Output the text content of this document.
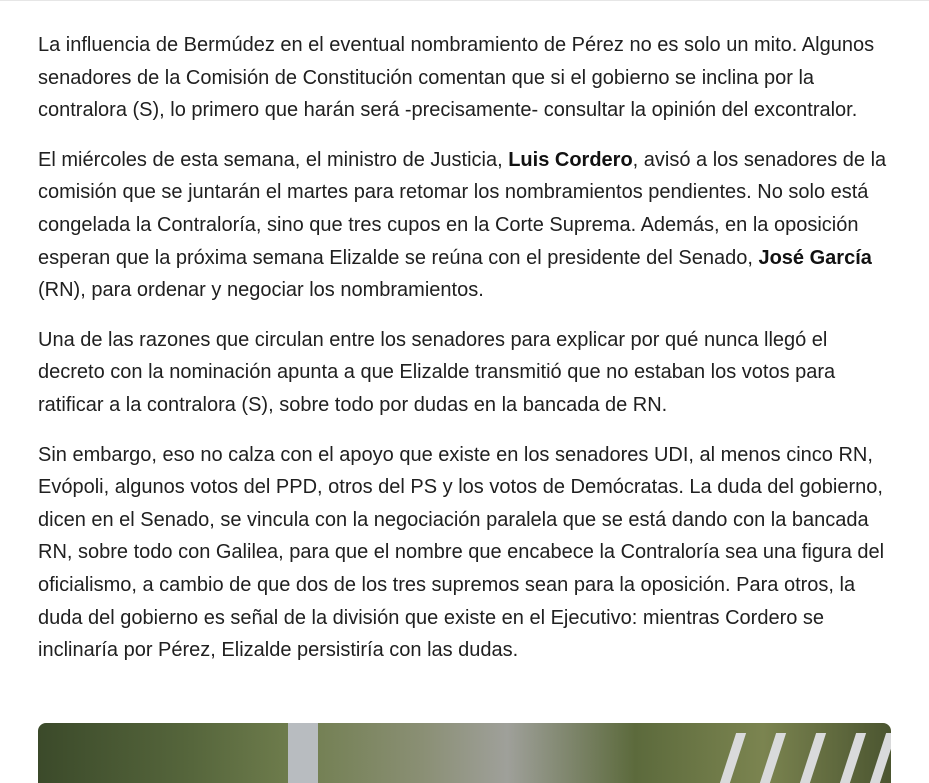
La influencia de Bermúdez en el eventual nombramiento de Pérez no es solo un mito. Algunos senadores de la Comisión de Constitución comentan que si el gobierno se inclina por la contralora (S), lo primero que harán será -precisamente- consultar la opinión del excontralor.

El miércoles de esta semana, el ministro de Justicia, Luis Cordero, avisó a los senadores de la comisión que se juntarán el martes para retomar los nombramientos pendientes. No solo está congelada la Contraloría, sino que tres cupos en la Corte Suprema. Además, en la oposición esperan que la próxima semana Elizalde se reúna con el presidente del Senado, José García (RN), para ordenar y negociar los nombramientos.

Una de las razones que circulan entre los senadores para explicar por qué nunca llegó el decreto con la nominación apunta a que Elizalde transmitió que no estaban los votos para ratificar a la contralora (S), sobre todo por dudas en la bancada de RN.

Sin embargo, eso no calza con el apoyo que existe en los senadores UDI, al menos cinco RN, Evópoli, algunos votos del PPD, otros del PS y los votos de Demócratas. La duda del gobierno, dicen en el Senado, se vincula con la negociación paralela que se está dando con la bancada RN, sobre todo con Galilea, para que el nombre que encabece la Contraloría sea una figura del oficialismo, a cambio de que dos de los tres supremos sean para la oposición. Para otros, la duda del gobierno es señal de la división que existe en el Ejecutivo: mientras Cordero se inclinaría por Pérez, Elizalde persistiría con las dudas.
